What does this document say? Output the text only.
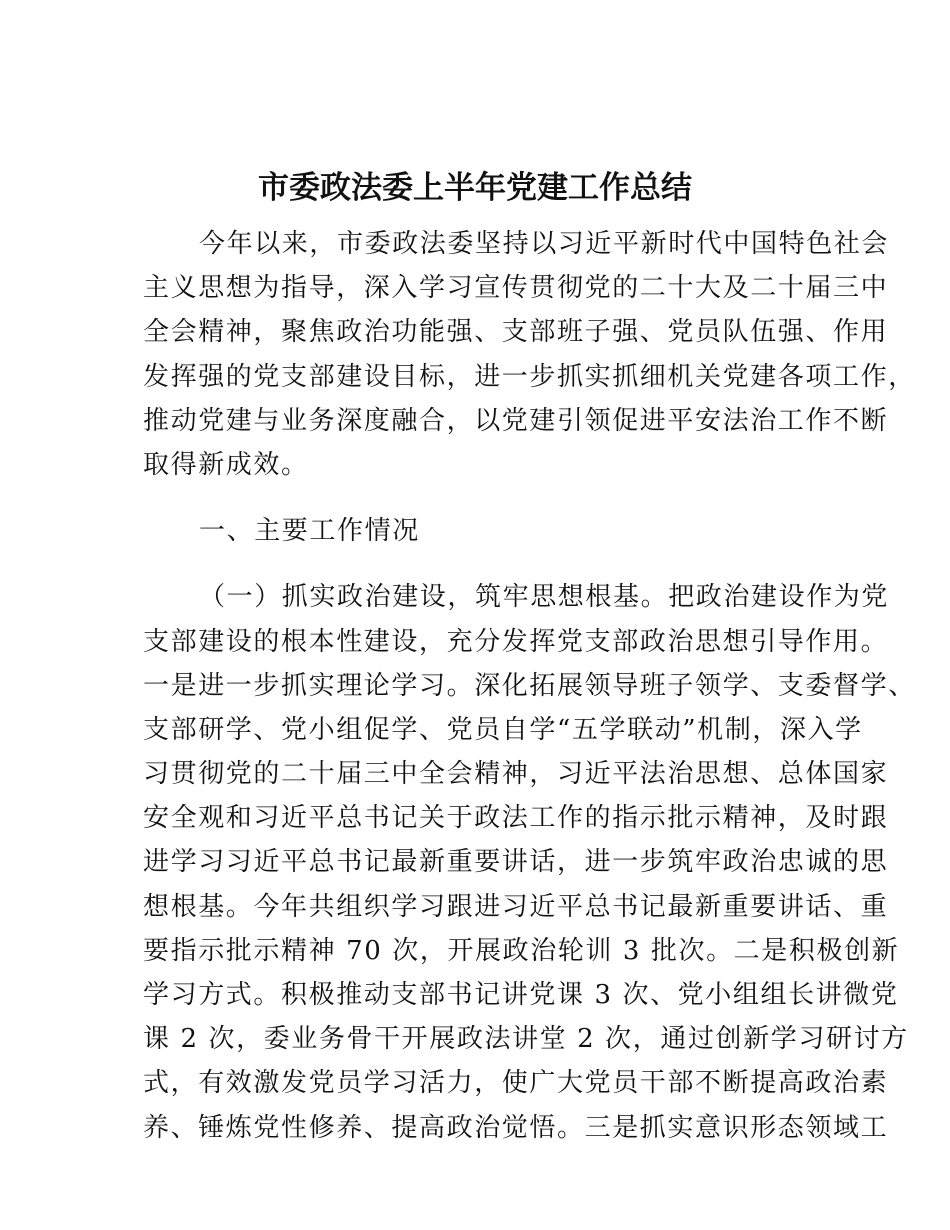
市委政法委上半年党建工作总结
今年以来，市委政法委坚持以习近平新时代中国特色社会
主义思想为指导，深入学习宣传贯彻党的二十大及二十届三中
全会精神，聚焦政治功能强、支部班子强、党员队伍强、作用
发挥强的党支部建设目标，进一步抓实抓细机关党建各项工作，
推动党建与业务深度融合，以党建引领促进平安法治工作不断
取得新成效。
一、主要工作情况
（一）抓实政治建设，筑牢思想根基。把政治建设作为党
支部建设的根本性建设，充分发挥党支部政治思想引导作用。
一是进一步抓实理论学习。深化拓展领导班子领学、支委督学、
支部研学、党小组促学、党员自学“五学联动”机制，深入学
习贯彻党的二十届三中全会精神，习近平法治思想、总体国家
安全观和习近平总书记关于政法工作的指示批示精神，及时跟
进学习习近平总书记最新重要讲话，进一步筑牢政治忠诚的思
想根基。今年共组织学习跟进习近平总书记最新重要讲话、重
要指示批示精神 70 次，开展政治轮训 3 批次。二是积极创新
学习方式。积极推动支部书记讲党课 3 次、党小组组长讲微党
课 2 次，委业务骨干开展政法讲堂 2 次，通过创新学习研讨方
式，有效激发党员学习活力，使广大党员干部不断提高政治素
养、锤炼党性修养、提高政治觉悟。三是抓实意识形态领域工
